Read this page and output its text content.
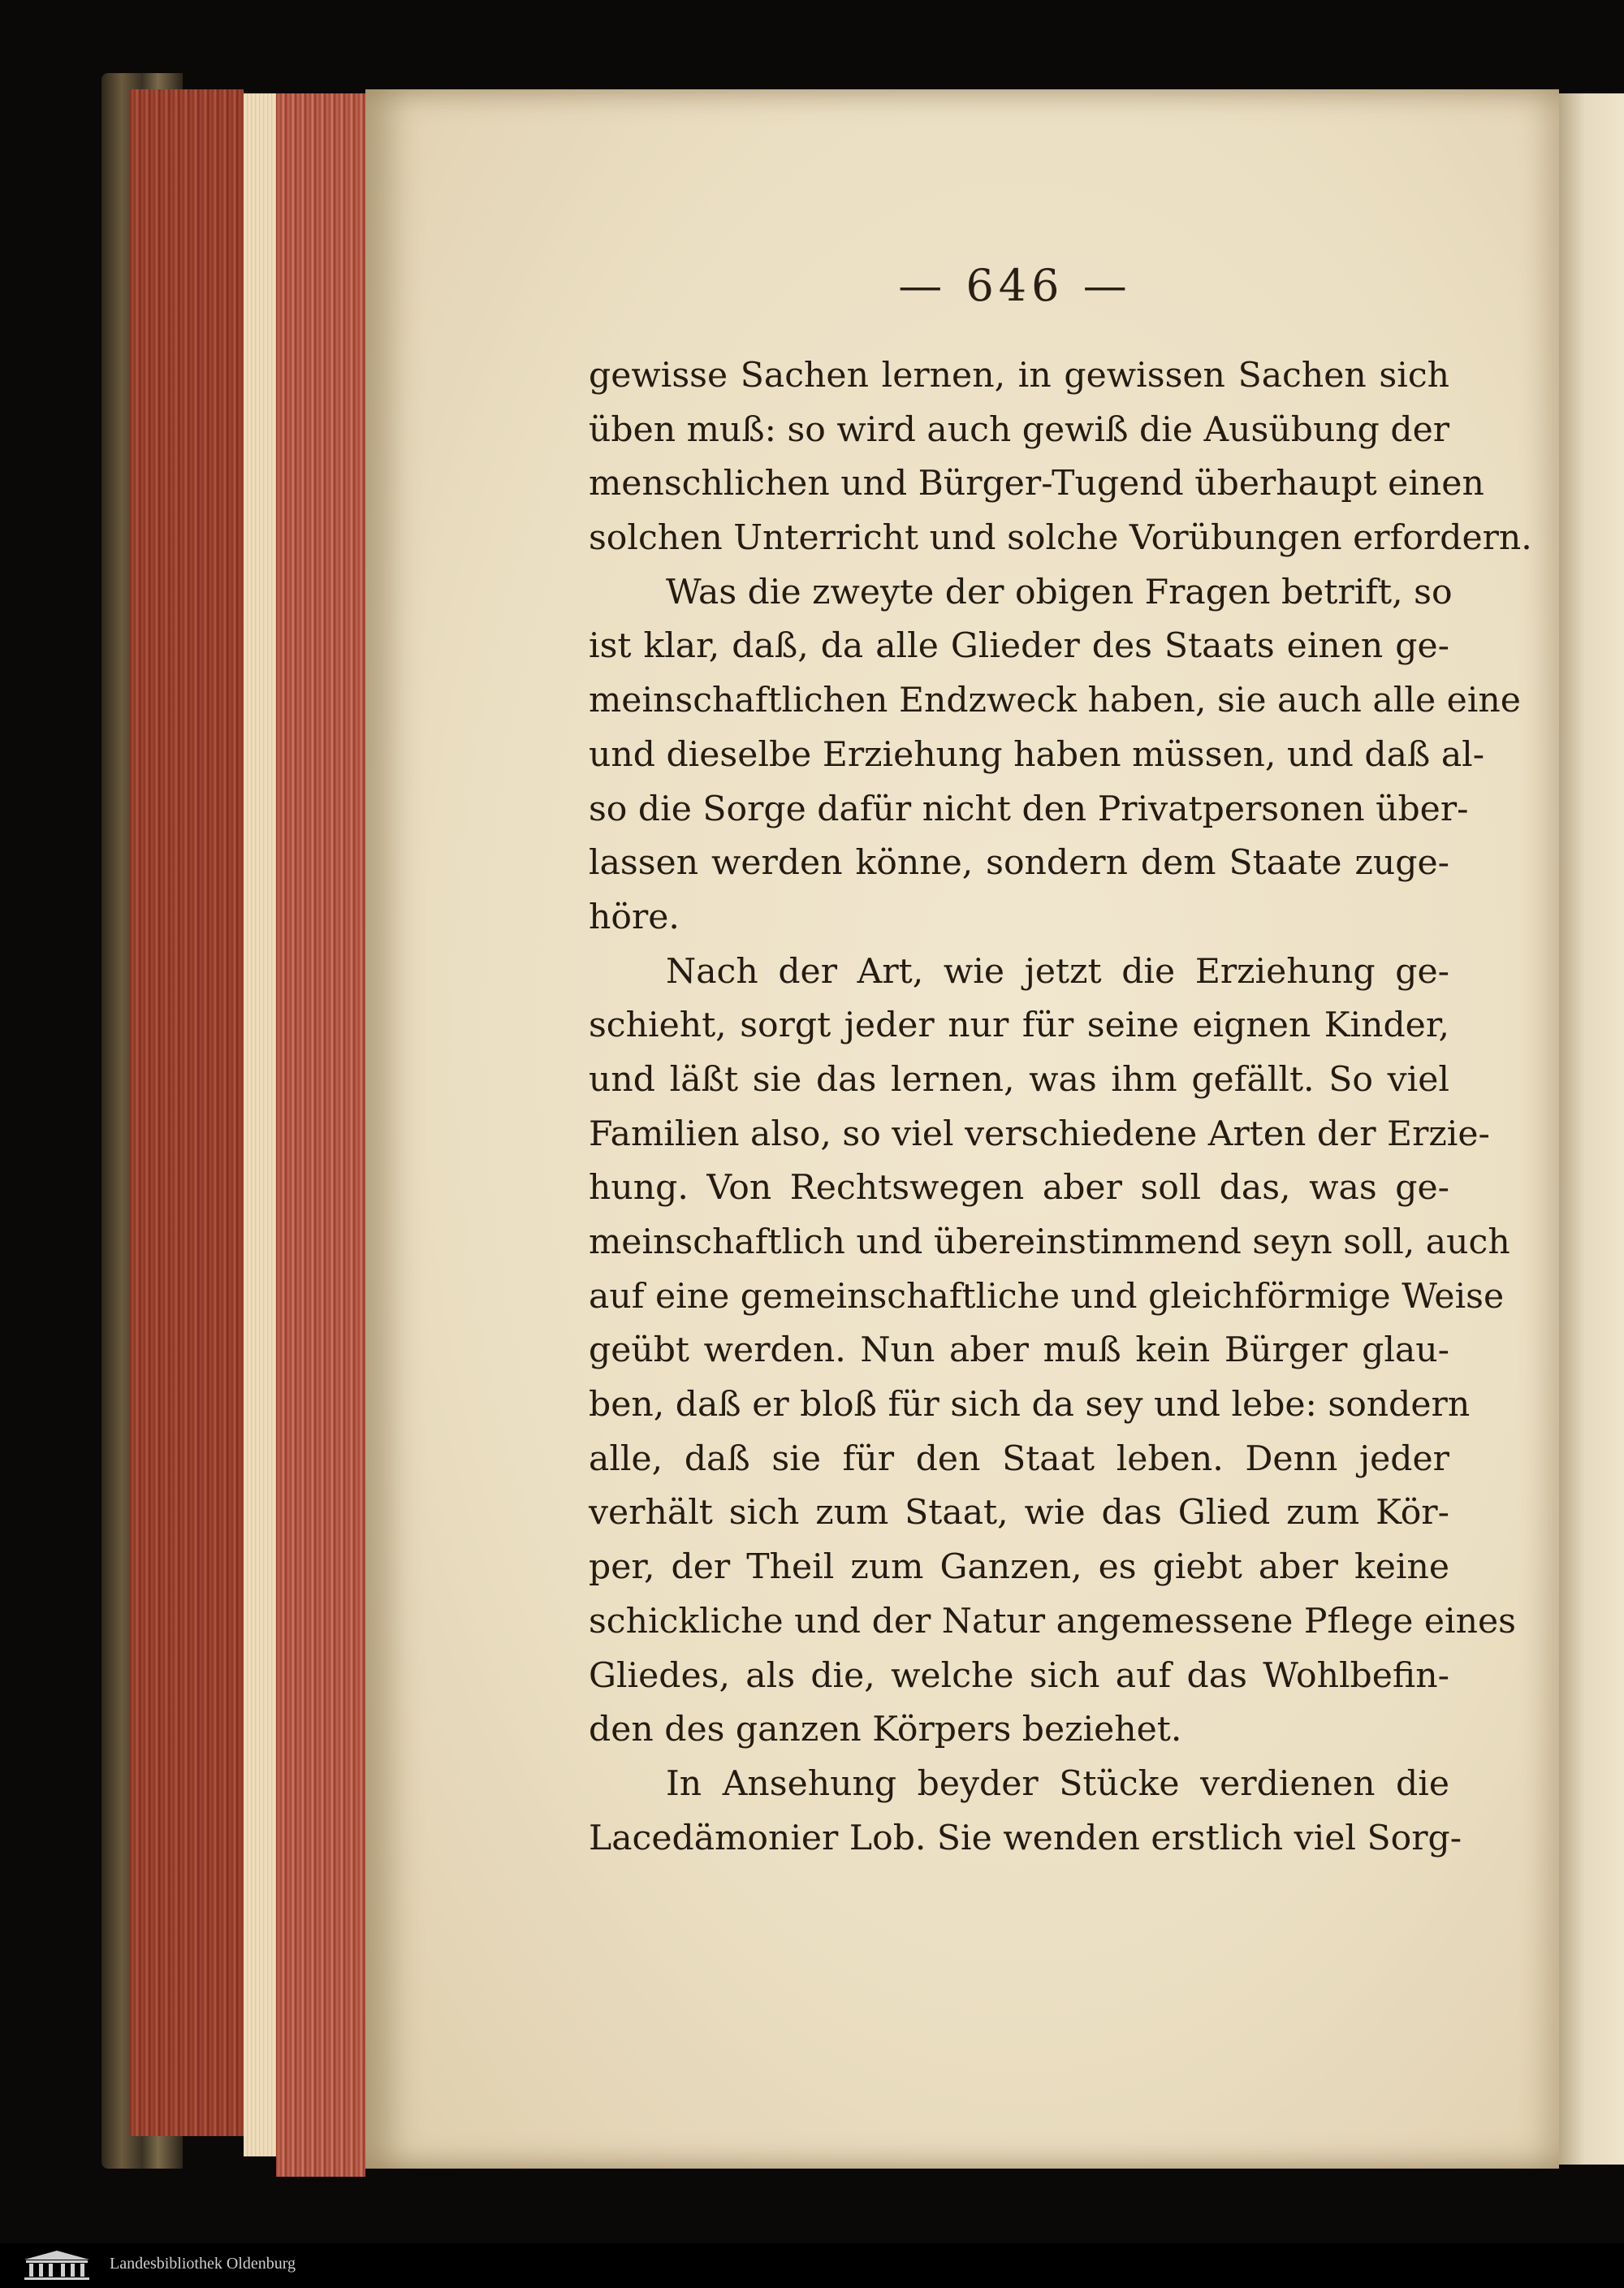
— 646 —
gewisse Sachen lernen, in gewissen Sachen sich
üben muß: so wird auch gewiß die Ausübung der
menschlichen und Bürger-Tugend überhaupt einen
solchen Unterricht und solche Vorübungen erfordern.
Was die zweyte der obigen Fragen betrift, so
ist klar, daß, da alle Glieder des Staats einen ge-
meinschaftlichen Endzweck haben, sie auch alle eine
und dieselbe Erziehung haben müssen, und daß al-
so die Sorge dafür nicht den Privatpersonen über-
lassen werden könne, sondern dem Staate zuge-
höre.
Nach der Art, wie jetzt die Erziehung ge-
schieht, sorgt jeder nur für seine eignen Kinder,
und läßt sie das lernen, was ihm gefällt. So viel
Familien also, so viel verschiedene Arten der Erzie-
hung. Von Rechtswegen aber soll das, was ge-
meinschaftlich und übereinstimmend seyn soll, auch
auf eine gemeinschaftliche und gleichförmige Weise
geübt werden. Nun aber muß kein Bürger glau-
ben, daß er bloß für sich da sey und lebe: sondern
alle, daß sie für den Staat leben. Denn jeder
verhält sich zum Staat, wie das Glied zum Kör-
per, der Theil zum Ganzen, es giebt aber keine
schickliche und der Natur angemessene Pflege eines
Gliedes, als die, welche sich auf das Wohlbefin-
den des ganzen Körpers beziehet.
In Ansehung beyder Stücke verdienen die
Lacedämonier Lob. Sie wenden erstlich viel Sorg-
Landesbibliothek Oldenburg
